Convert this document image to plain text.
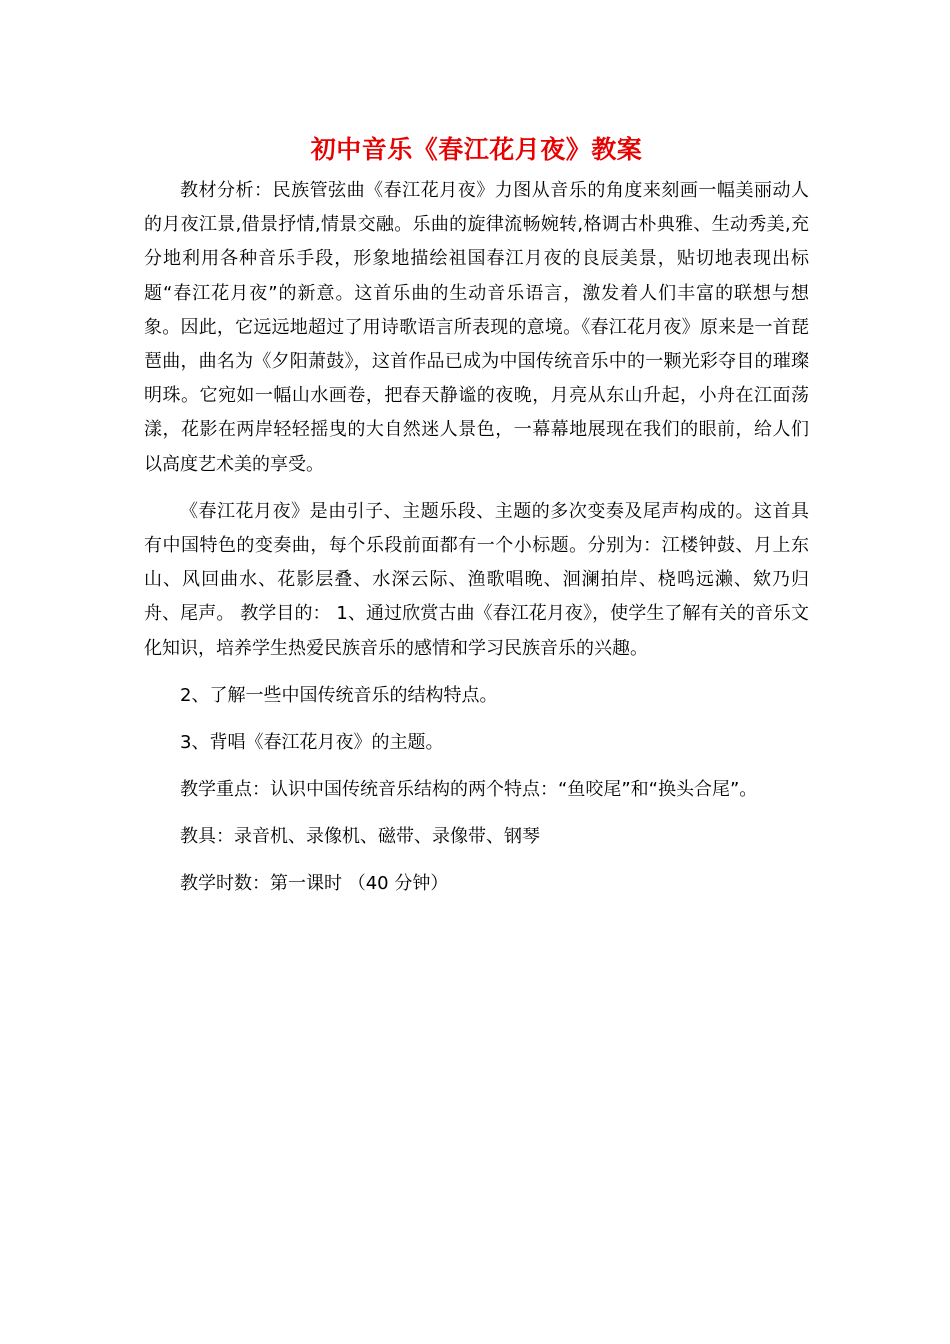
初中音乐《春江花月夜》教案

教材分析：民族管弦曲《春江花月夜》力图从音乐的角度来刻画一幅美丽动人的月夜江景,借景抒情,情景交融。乐曲的旋律流畅婉转,格调古朴典雅、生动秀美,充分地利用各种音乐手段，形象地描绘祖国春江月夜的良辰美景，贴切地表现出标题“春江花月夜”的新意。这首乐曲的生动音乐语言，激发着人们丰富的联想与想象。因此，它远远地超过了用诗歌语言所表现的意境。《春江花月夜》原来是一首琵琶曲，曲名为《夕阳萧鼓》，这首作品已成为中国传统音乐中的一颗光彩夺目的璀璨明珠。它宛如一幅山水画卷，把春天静谧的夜晚，月亮从东山升起，小舟在江面荡漾，花影在两岸轻轻摇曳的大自然迷人景色，一幕幕地展现在我们的眼前，给人们以高度艺术美的享受。

《春江花月夜》是由引子、主题乐段、主题的多次变奏及尾声构成的。这首具有中国特色的变奏曲，每个乐段前面都有一个小标题。分别为：江楼钟鼓、月上东山、风回曲水、花影层叠、水深云际、渔歌唱晚、洄澜拍岸、桡鸣远濑、欸乃归舟、尾声。 教学目的： 1、通过欣赏古曲《春江花月夜》，使学生了解有关的音乐文化知识，培养学生热爱民族音乐的感情和学习民族音乐的兴趣。

2、了解一些中国传统音乐的结构特点。

3、背唱《春江花月夜》的主题。

教学重点：认识中国传统音乐结构的两个特点：“鱼咬尾”和“换头合尾”。

教具：录音机、录像机、磁带、录像带、钢琴

教学时数：第一课时 （40 分钟）
